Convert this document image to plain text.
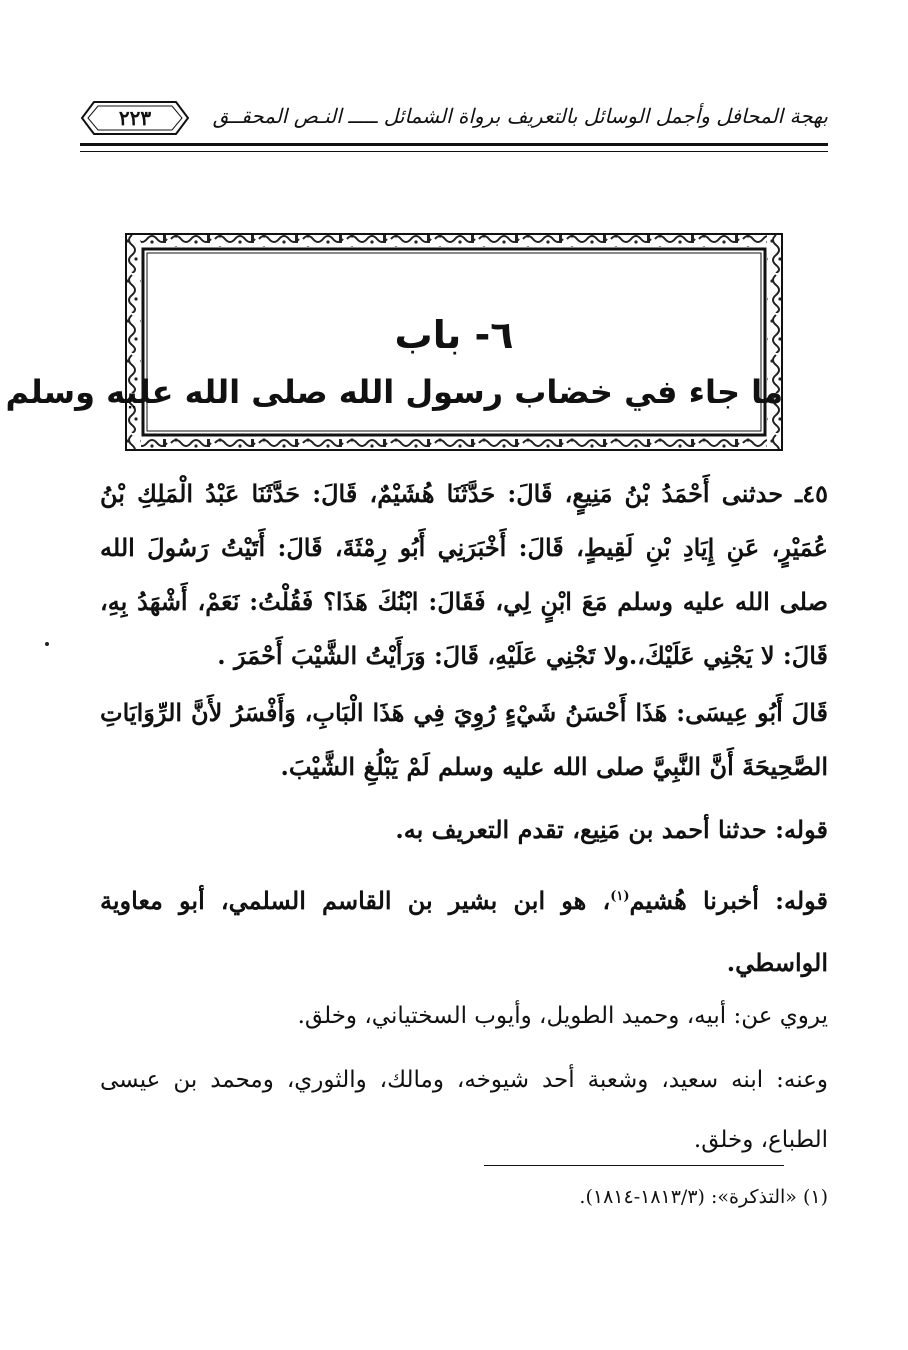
بهجة المحافل وأجمل الوسائل بالتعريف برواة الشمائل ـــــ النـص المحقــق
٢٢٣
٦- باب
ما جاء في خضاب رسول الله صلى الله عليه وسلم
٤٥ـ حدثنى أَحْمَدُ بْنُ مَنِيعٍ، قَالَ: حَدَّثَنَا هُشَيْمٌ، قَالَ: حَدَّثَنَا عَبْدُ الْمَلِكِ بْنُ عُمَيْرٍ، عَنِ إِيَادِ بْنِ لَقِيطٍ، قَالَ: أَخْبَرَنِي أَبُو رِمْثَةَ، قَالَ: أَتَيْتُ رَسُولَ الله صلى الله عليه وسلم مَعَ ابْنٍ لِي، فَقَالَ: ابْنُكَ هَذَا؟ فَقُلْتُ: نَعَمْ، أَشْهَدُ بِهِ، قَالَ: لا يَجْنِي عَلَيْكَ،.ولا تَجْنِي عَلَيْهِ، قَالَ: وَرَأَيْتُ الشَّيْبَ أَحْمَرَ .
قَالَ أَبُو عِيسَى: هَذَا أَحْسَنُ شَيْءٍ رُوِيَ فِي هَذَا الْبَابِ، وَأَفْسَرُ لأَنَّ الرِّوَايَاتِ الصَّحِيحَةَ أَنَّ النَّبِيَّ صلى الله عليه وسلم لَمْ يَبْلُغِ الشَّيْبَ.
قوله: حدثنا أحمد بن مَنِيع، تقدم التعريف به.
قوله: أخبرنا هُشيم$^{(١)}$، هو ابن بشير بن القاسم السلمي، أبو معاوية الواسطي.
يروي عن: أبيه، وحميد الطويل، وأيوب السختياني، وخلق.
وعنه: ابنه سعيد، وشعبة أحد شيوخه، ومالك، والثوري، ومحمد بن عيسى الطباع، وخلق.
(١) «التذكرة»: (١٨١٣/٣-١٨١٤).
